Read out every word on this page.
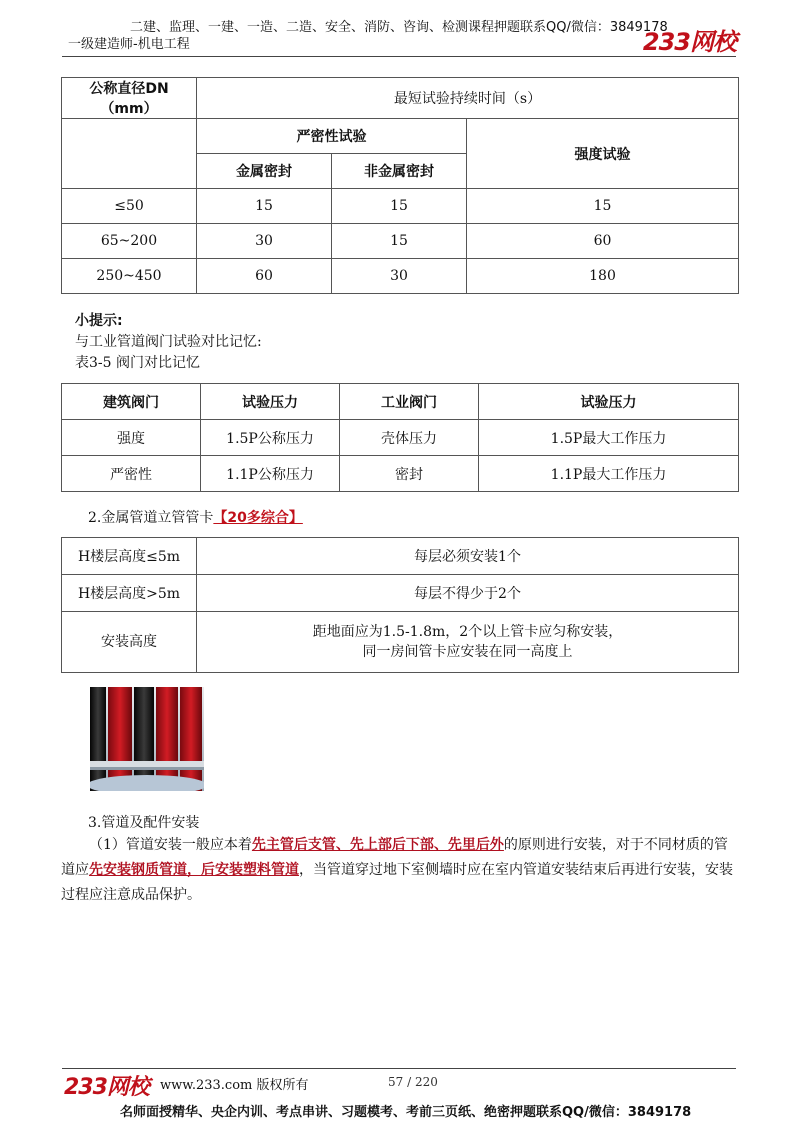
二建、监理、一建、一造、二造、安全、消防、咨询、检测课程押题联系QQ/微信：3849178
一级建造师-机电工程	233网校
公称直径DN（mm）	最短试验持续时间（s）		
	严密性试验		强度试验
	金属密封	非金属密封	
≤50	15	15	15
65~200	30	15	60
250~450	60	30	180
小提示:
与工业管道阀门试验对比记忆:
表3-5 阀门对比记忆
建筑阀门	试验压力	工业阀门	试验压力
强度	1.5P公称压力	壳体压力	1.5P最大工作压力
严密性	1.1P公称压力	密封	1.1P最大工作压力
2.金属管道立管管卡【20多综合】
H楼层高度≤5m	每层必须安装1个
H楼层高度>5m	每层不得少于2个
安装高度	距地面应为1.5-1.8m，2个以上管卡应匀称安装，
同一房间管卡应安装在同一高度上
3.管道及配件安装
（1）管道安装一般应本着先主管后支管、先上部后下部、先里后外的原则进行安装，对于不同材质的管道应先安装钢质管道，后安装塑料管道，当管道穿过地下室侧墙时应在室内管道安装结束后再进行安装，安装过程应注意成品保护。
233网校 www.233.com 版权所有	57 / 220
名师面授精华、央企内训、考点串讲、习题模考、考前三页纸、绝密押题联系QQ/微信：3849178
